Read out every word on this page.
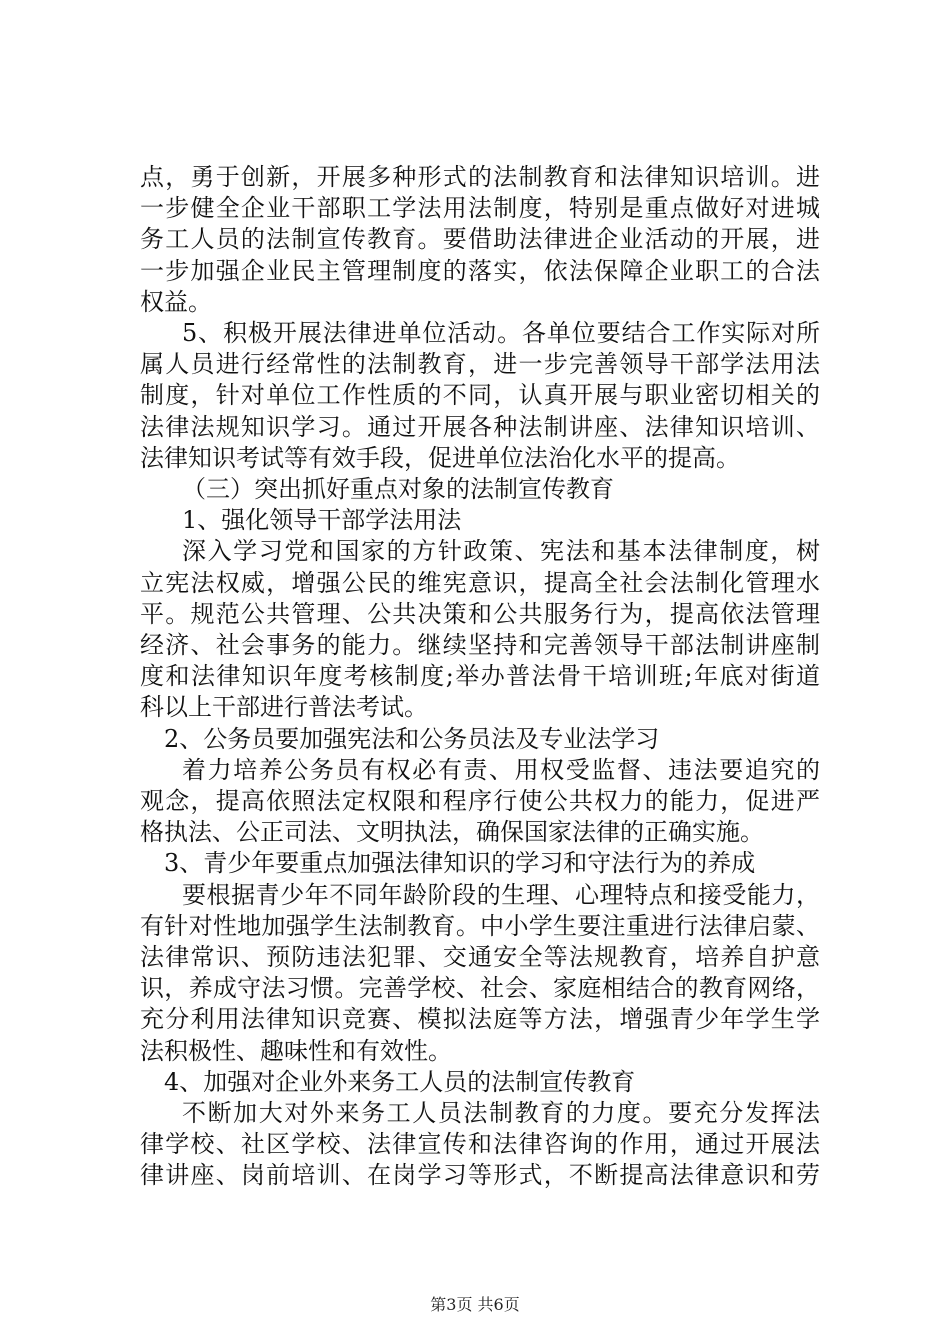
点，勇于创新，开展多种形式的法制教育和法律知识培训。进
一步健全企业干部职工学法用法制度，特别是重点做好对进城
务工人员的法制宣传教育。要借助法律进企业活动的开展，进
一步加强企业民主管理制度的落实，依法保障企业职工的合法
权益。
5、积极开展法律进单位活动。各单位要结合工作实际对所
属人员进行经常性的法制教育，进一步完善领导干部学法用法
制度，针对单位工作性质的不同，认真开展与职业密切相关的
法律法规知识学习。通过开展各种法制讲座、法律知识培训、
法律知识考试等有效手段，促进单位法治化水平的提高。
（三）突出抓好重点对象的法制宣传教育
1、强化领导干部学法用法
深入学习党和国家的方针政策、宪法和基本法律制度，树
立宪法权威，增强公民的维宪意识，提高全社会法制化管理水
平。规范公共管理、公共决策和公共服务行为，提高依法管理
经济、社会事务的能力。继续坚持和完善领导干部法制讲座制
度和法律知识年度考核制度;举办普法骨干培训班;年底对街道
科以上干部进行普法考试。
2、公务员要加强宪法和公务员法及专业法学习
着力培养公务员有权必有责、用权受监督、违法要追究的
观念，提高依照法定权限和程序行使公共权力的能力，促进严
格执法、公正司法、文明执法，确保国家法律的正确实施。
3、青少年要重点加强法律知识的学习和守法行为的养成
要根据青少年不同年龄阶段的生理、心理特点和接受能力，
有针对性地加强学生法制教育。中小学生要注重进行法律启蒙、
法律常识、预防违法犯罪、交通安全等法规教育，培养自护意
识，养成守法习惯。完善学校、社会、家庭相结合的教育网络，
充分利用法律知识竞赛、模拟法庭等方法，增强青少年学生学
法积极性、趣味性和有效性。
4、加强对企业外来务工人员的法制宣传教育
不断加大对外来务工人员法制教育的力度。要充分发挥法
律学校、社区学校、法律宣传和法律咨询的作用，通过开展法
律讲座、岗前培训、在岗学习等形式，不断提高法律意识和劳
第3页 共6页
